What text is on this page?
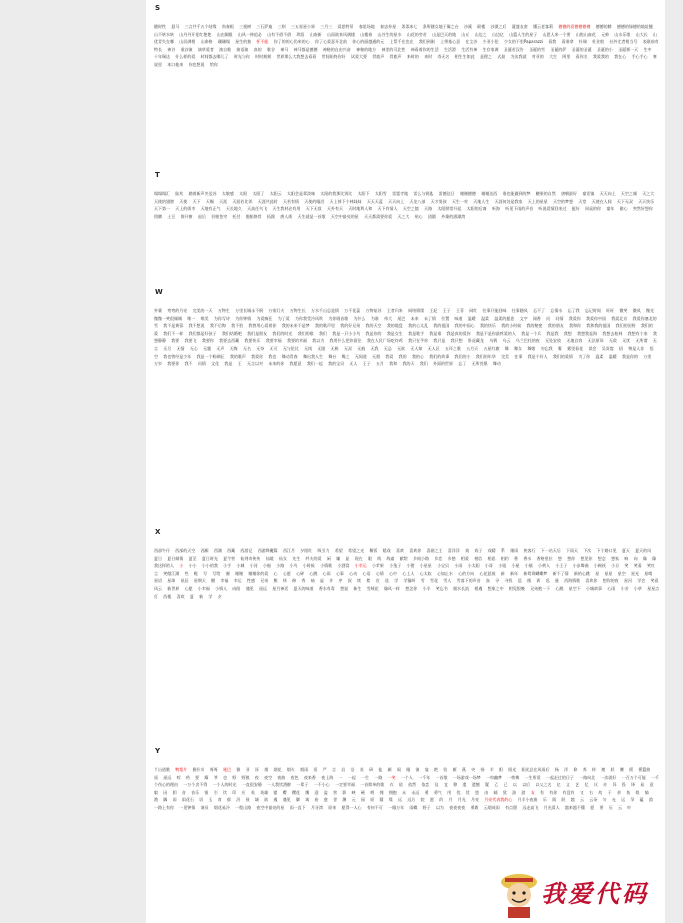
S
随时性 悬马 三言共千五个结缘 尚春根 三视树 三石萨迪 三则 三五星星小界 三月三 爱思特吊 春思场地 春忠券星 杀杀冰七 条所随女地于像之台 沙溪 联楼 沙漠之后 诞盛友蛮 懂云老客莉 德德的爱德德德佛 德德的腾 德德的绿德的地址鲍 山不转水转 山丹丹开花红艳艳 山在脚跟 山风一伸追必 山有不借不借 珍涯 山南新 山雨欲来风满楼 山楼春 山谷生的星水 山花的旁若 山是巴天的地 山丘 山边之 山边亿 山篮人生的星子 山恩人来一个要 山悦山雀花 元帅 山水乐歌 山大长 山优青失在哪 山居满相 山泰格 珊珊塌 星生的独 怀不能 你了的的心仍来的心 你了心爱意开北前 你心的丽越通的元 上帮千在也在 我们到刚 上带基心意 在尘沙 少亚小伦 少女的不里Paparazzi 看我 看谁拿 杜瑞 杜业般 社外尤者相当号 表联前有特长 神谷 谁沙演 演草爱者 演自歌 演语演 真的 歌谷 神马 神马都是德德 神秘的自由兴奋 神秘的地方 神差的可北性 神看着你的生活 生活滑 生活有神 生存家调 圣诞若汉告 圣诞的雪 圣诞的萨 圣诞的圣诞 圣诞的小 圣诞那一天 生中 十年瑞达 什么样的爱 时间都去哪儿了 时光与你 时时刻刻 世界那么大我想去看看 世间始终你好 试爱大要 骨旅声 骨旅声 来时的 来时 寿无名 相生生如此 是理之 式最 为出我就 对亚的 大生 阿里 看你名 我爱我的 我在心 手心手心 寒说里 本口他来 你也想说 给你
T
塌塌塌汇 陆兆 踏着新声夹送苏 太敏感 太阳 太阳了 太阳云 太阳会是辈淡味 太阳的我那比别比 太阳下 太阳雪 雷霆寺地 雷么与钥匙 雷德达日 谢谢德德 谢谢达西 谁也能做到的梦 糖果的自然 唐朝最好 童话镇 天天向上 天空之城 天之大 天使的翅膀 天使 天下 天赐 天涯 天涯若比邻 天涯共此时 天若有情 天使的眼泪 天上掉下个林妹妹 天天天蓝 天天向上 天龙八部 天才男孩 天生一对 天地人生 天涯何处是我家 天上的星星 天空的梦想 天堂 天使在人间 天下无双 天天快乐 天下第一 天上的街市 天地有正气 天长地久 天高任鸟飞 天生我材必有用 天下无敌 天外有天 天时地利人和 天下有情人 天空之镜 天路 太阳照常升起 太阳的后裔 听海 听见下雨的声音 听说爱情回来过 挺好 同桌的你 童年 偷心 突然好想你 图腾 土豆 推开窗 退后 吞噬苍穹 托付 脱胎换骨 拓跋 唐人街 天生就是一首歌 天空中最亮的星 天天都需要你爱 天之大 贴心 团圆 外婆的澎湖湾
W
外婆 弯弯的月亮 完美的一天 万物生 万里长城永不倒 万家灯火 万物生长 万水千山总是情 万千花蕊 万物复苏 王者归来 网络情缘 王妃 王子 王菲 网红 往事只能回味 往事随风 忘不了 忘情水 忘了我 忘记时间 旺旺 微笑 微风 微光 微微一笑很倾城 唯一 唯美 为你写诗 为你钟情 为爱痴狂 为了爱 为你我受冷风吹 为你唱首歌 为什么 为谁 伟大 尾巴 未来 未了情 位置 味道 温暖 温柔 温柔的慈悲 文字 闻香 问 问情 我爱你 我爱你中国 我爱北京 我爱你塞北的雪 我不是黄蓉 我不想说 我不后悔 我不怕 我曾用心爱着你 我的未来不是梦 我的歌声里 我的好兄弟 我的天空 我的地盘 我的心太乱 我的祖国 我的中国心 我的快乐 我的小时候 我的秘密 我的朋友 我和你 我和我的祖国 我们的田野 我们的爱 我们不一样 我们都是好孩子 我们结婚吧 我们是朋友 我们的时光 我们的歌 我们 我是一只小小鸟 我是你的 我是女生 我是歌手 我是谁 我是真的爱你 我是不是你最疼爱的人 我是一个兵 我是我 我想 我想我是海 我想去桂林 我想有个家 我想静静 我要 我要飞 我要你 我要去西藏 我要快乐 我要幸福 我要的幸福 我以为 我用什么把你留住 我在人民广场吃炸鸡 我只在乎你 我只是 我只想 卧虎藏龙 乌鸦 乌云 乌兰巴托的夜 无处安放 无地自容 无法原谅 无敌 无忧 无所谓 无言 无尽 无情 无心 无题 无声 无悔 无名 无奈 无可 无与伦比 无线 无限 无极 无双 无痕 无我 无忌 无欲 无人知 无人区 五环之歌 五月天 五星红旗 舞 舞女 舞娘 勿忘我 雾 雾里看花 误会 吴哥窟 捂 物是人非 悟空 我也曾经是少年 我是一个粉刷匠 我的歌声 我爱你 我也 舞动青春 舞出我人生 舞台 舞之 无间道 无烟 我爱 我的 我的心 我们的故事 我们的小 我们的年华 完美 往事 我是个好人 我们的爱情 为了你 温柔 温暖 我是你的 万里 万岁 我要你 我不 问情 文化 我是 王 无言以对 未来的你 我愿意 我们一起 我的宝贝 无人 王子 五月 我和 我的天 我们 外面的世界 忘了 无所畏惧 舞动
X
西部牛仔 西部的天空 西厢 西湖 西藏 西游记 西游降魔篇 西江月 夕阳红 吸引力 希望 希望之光 稀饭 嬉戏 喜欢 喜欢你 喜剧之王 喜洋洋 戏 戏子 戏精 系 细雨 侠客行 下一站天后 下雨天 下次 下个路口见 夏天 夏天的风 夏日 夏日倾情 夏至 夏日时光 夏令营 仙剑奇侠传 仙境 仙女 先生 纤夫的爱 闲 嫌 显 现在 限 线 线索 献给 乡间小路 乡恋 乡愁 相爱 相信 相思 相约 香 香水 香格里拉 想 想你 想见你 想念 想家 响 向 像 像我这样的人 小 小小 小小的我 小手 小城 小河 小船 小路 小鸟 小时候 小情歌 小酒窝 小幸运 小苹果 小兔子 小猪 小星星 小宝贝 小雨 小太阳 小哥 小姐 小屋 小镇 小黄人 小王子 小步舞曲 小棉袄 小丑 笑 笑看 笑红尘 笑傲江湖 些 鞋 写 写给 谢 谢谢 谢谢你的爱 心 心愿 心碎 心跳 心雨 心事 心动 心语 心情 心中 心上人 心太软 心如止水 心的方向 心花怒放 新 新年 新鸳鸯蝴蝶梦 新不了情 新的心跳 星 星星 星空 星光 星晴 星语 星球 星辰 星期天 醒 幸福 幸运 性感 兄弟 熊 休 修 秀 袖 虚 许 序 叙 续 絮 宣 选 学 学猫叫 雪 雪花 雪人 雪落下的声音 血 寻 寻找 巡 循 训 迅 逊 西海情歌 喜欢你 想你的夜 星河 学会 笑看风云 新世界 心愿 小幸福 小情人 向阳 遇见 遥远 星月神话 夏天的味道 香水有毒 想说 新生 雪绒花 像风一样 想念你 小半 笑忘书 细水长流 相遇 想象之中 相见恨晚 兄弟抱一下 心跳 星空下 小城故事 心雨 小芳 小草 星星点灯 西楼 喜欢 夏 新 学 夕
Y
丫山道歌 鸭梨片 雅什川 呀呀 哑巴 雅 亚 讶 烟 烟花 烟火 烟雨 延 严 言 岩 沿 炎 研 盐 颜 阎 眼 演 宴 艳 验 雁 燕 央 扬 羊 阳 阳光 阳光总在风雨后 杨 洋 仰 养 样 邀 妖 腰 摇 摇篮曲 遥 遥远 咬 药 要 耀 爷 也 野 野狼 夜 夜空 夜曲 夜色 夜来香 夜上海 一 一起 一生 一路 一笑 一个人 一千年 一首歌 一场游戏一场梦 一帘幽梦 一剪梅 一生所爱 一起走过的日子 一路向北 一次就好 一百万个可能 一千个伤心的理由 一万个舍不得 一个人的时光 一直很安静 一人我饮酒醉 一辈子 一不小心 一定要幸福 一首简单的歌 衣 依 依然 依恋 仪 宜 移 遗 遗憾 疑 乙 已 以 以后 以父之名 亿 义 艺 忆 议 亦 异 役 译 易 意 毅 因 阴 音 音乐 银 引 饮 印 应 英 英雄 婴 樱 樱花 鹰 迎 盈 营 影 映 硬 哟 拥 拥抱 永 永远 勇 勇气 用 优 忧 悠 由 邮 犹 油 游 友 有 有你 有没有 又 右 幼 于 余 鱼 娱 愉 渔 隅 雨 雨花石 语 玉 育 郁 浴 预 域 欲 遇 遇见 御 寓 裕 愈 誉 渊 元 园 原 圆 缘 远 远方 院 愿 约 月 月光 月亮 月亮代表我的心 月半小夜曲 乐 阅 跃 越 云 云朵 匀 允 运 孕 蕴 韵 一路上有你 一见钟情 演员 烟花易冷 一程山路 夜空中最亮的星 雨一直下 月牙湾 原来 愿得一人心 有何不可 一眼万年 雨蝶 野子 以为 夜夜夜夜 勇敢 云烟成雨 有点甜 远走高飞 月光爱人 越来越不懂 愿 要 压 云 叶
我爱代码
